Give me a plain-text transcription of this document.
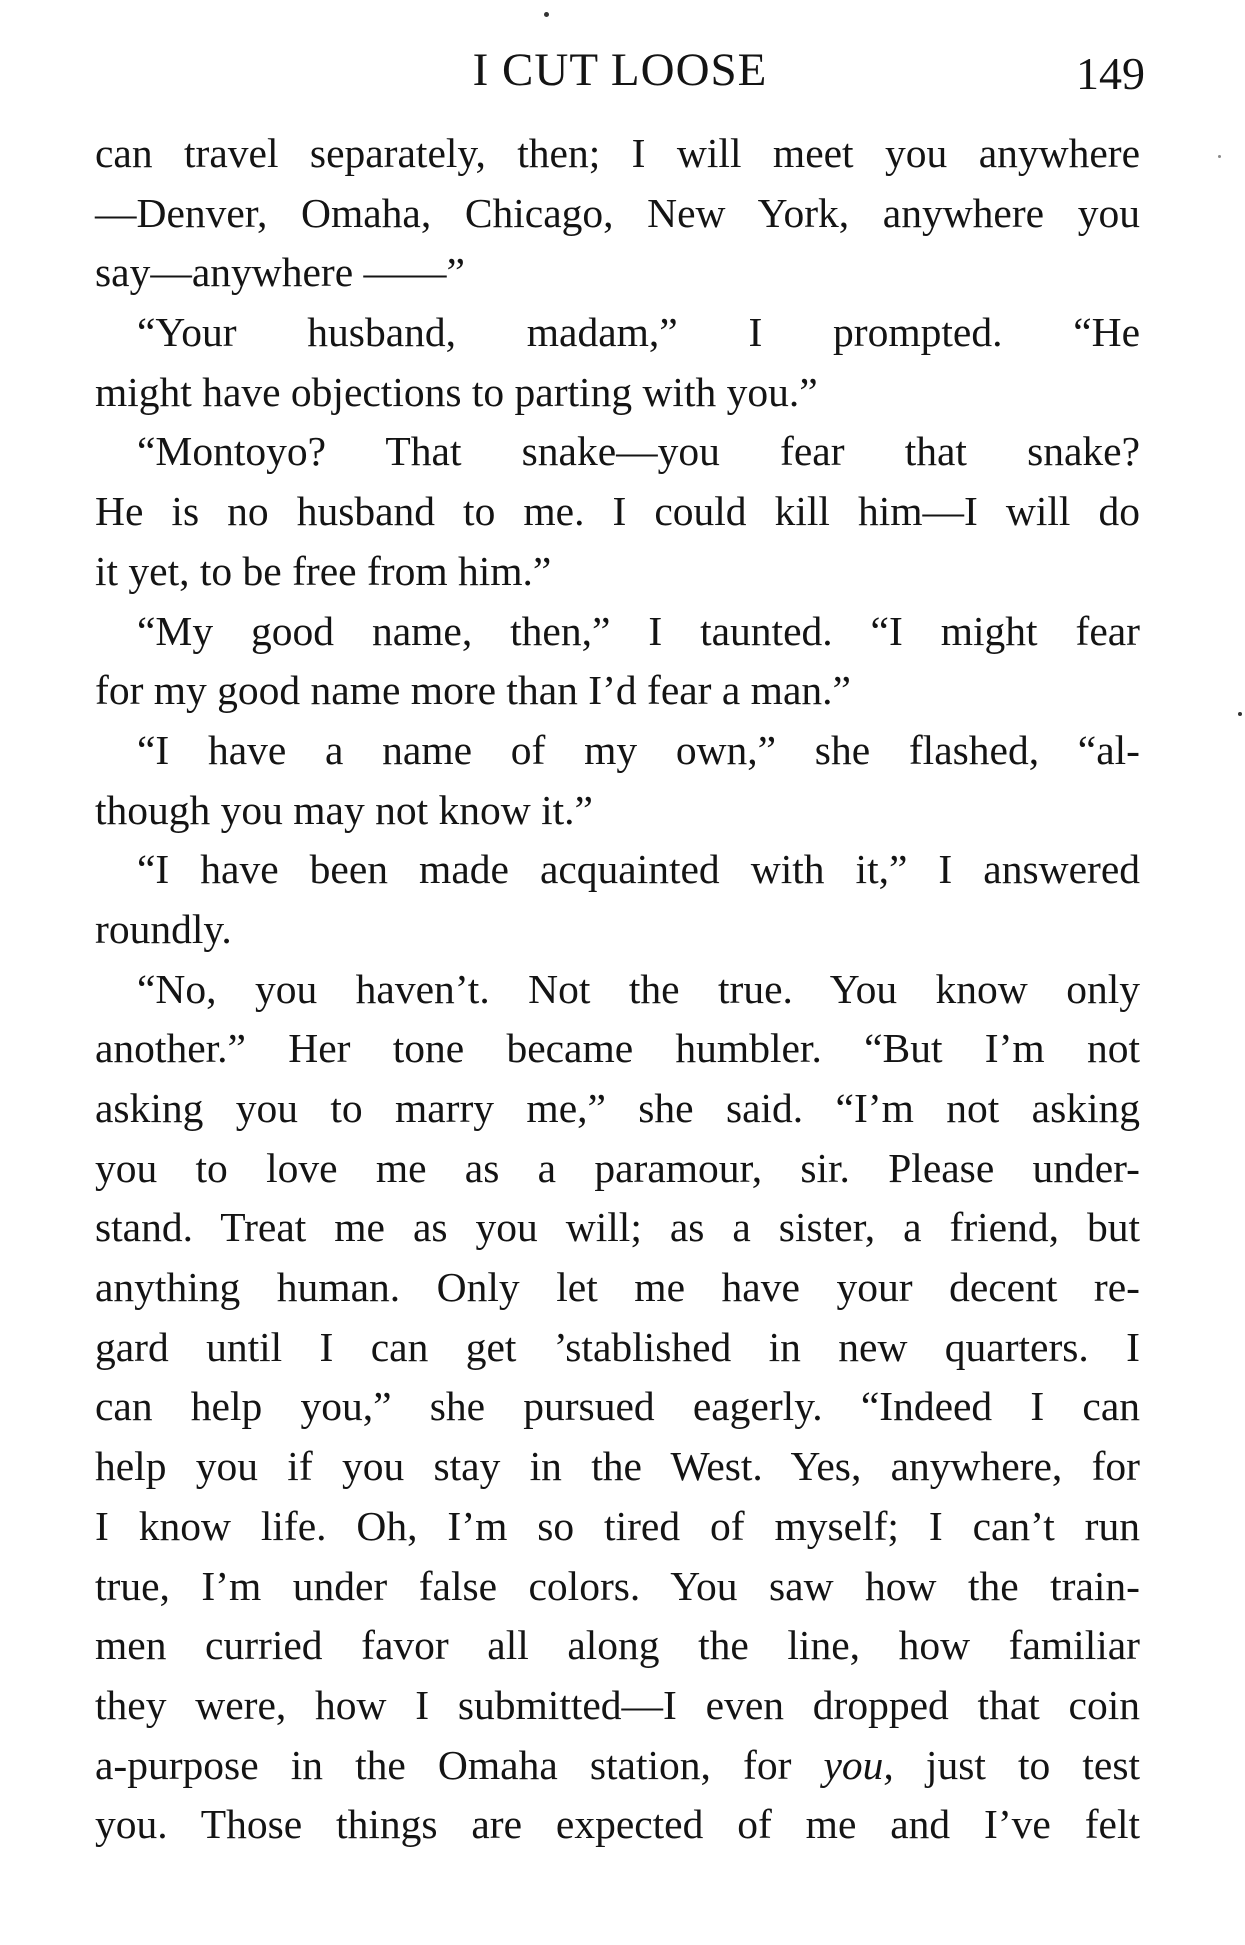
I CUT LOOSE	149
can travel separately, then; I will meet you anywhere
—Denver, Omaha, Chicago, New York, anywhere you
say—anywhere ——”
“Your husband, madam,” I prompted. “He
might have objections to parting with you.”
“Montoyo? That snake—you fear that snake?
He is no husband to me. I could kill him—I will do
it yet, to be free from him.”
“My good name, then,” I taunted. “I might fear
for my good name more than I’d fear a man.”
“I have a name of my own,” she flashed, “al-
though you may not know it.”
“I have been made acquainted with it,” I answered
roundly.
“No, you haven’t. Not the true. You know only
another.” Her tone became humbler. “But I’m not
asking you to marry me,” she said. “I’m not asking
you to love me as a paramour, sir. Please under-
stand. Treat me as you will; as a sister, a friend, but
anything human. Only let me have your decent re-
gard until I can get ’stablished in new quarters. I
can help you,” she pursued eagerly. “Indeed I can
help you if you stay in the West. Yes, anywhere, for
I know life. Oh, I’m so tired of myself; I can’t run
true, I’m under false colors. You saw how the train-
men curried favor all along the line, how familiar
they were, how I submitted—I even dropped that coin
a-purpose in the Omaha station, for you, just to test
you. Those things are expected of me and I’ve felt
